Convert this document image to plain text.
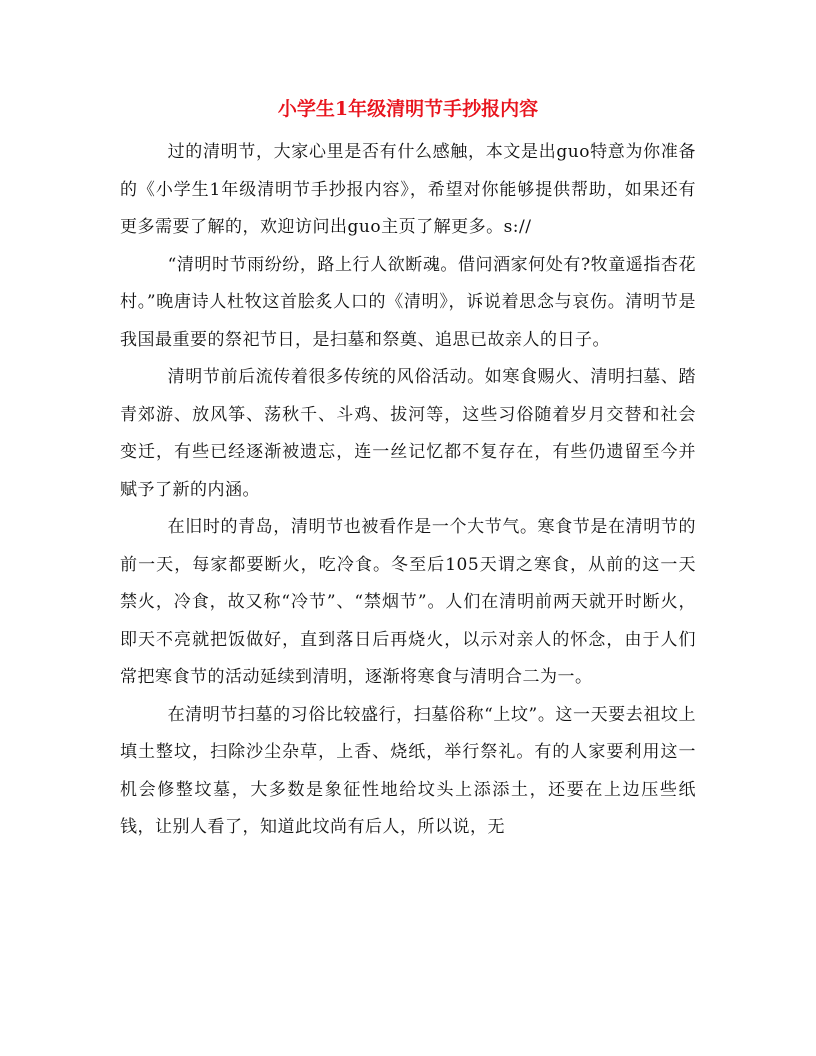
小学生1年级清明节手抄报内容

过的清明节，大家心里是否有什么感触，本文是出guo特意为你准备的《小学生1年级清明节手抄报内容》，希望对你能够提供帮助，如果还有更多需要了解的，欢迎访问出guo主页了解更多。s://

“清明时节雨纷纷，路上行人欲断魂。借问酒家何处有?牧童遥指杏花村。”晚唐诗人杜牧这首脍炙人口的《清明》，诉说着思念与哀伤。清明节是我国最重要的祭祀节日，是扫墓和祭奠、追思已故亲人的日子。

清明节前后流传着很多传统的风俗活动。如寒食赐火、清明扫墓、踏青郊游、放风筝、荡秋千、斗鸡、拔河等，这些习俗随着岁月交替和社会变迁，有些已经逐渐被遗忘，连一丝记忆都不复存在，有些仍遗留至今并赋予了新的内涵。

在旧时的青岛，清明节也被看作是一个大节气。寒食节是在清明节的前一天，每家都要断火，吃冷食。冬至后105天谓之寒食，从前的这一天禁火，冷食，故又称“冷节”、“禁烟节”。人们在清明前两天就开时断火，即天不亮就把饭做好，直到落日后再烧火，以示对亲人的怀念，由于人们常把寒食节的活动延续到清明，逐渐将寒食与清明合二为一。

在清明节扫墓的习俗比较盛行，扫墓俗称“上坟”。这一天要去祖坟上填土整坟，扫除沙尘杂草，上香、烧纸，举行祭礼。有的人家要利用这一机会修整坟墓，大多数是象征性地给坟头上添添土，还要在上边压些纸钱，让别人看了，知道此坟尚有后人，所以说，无
